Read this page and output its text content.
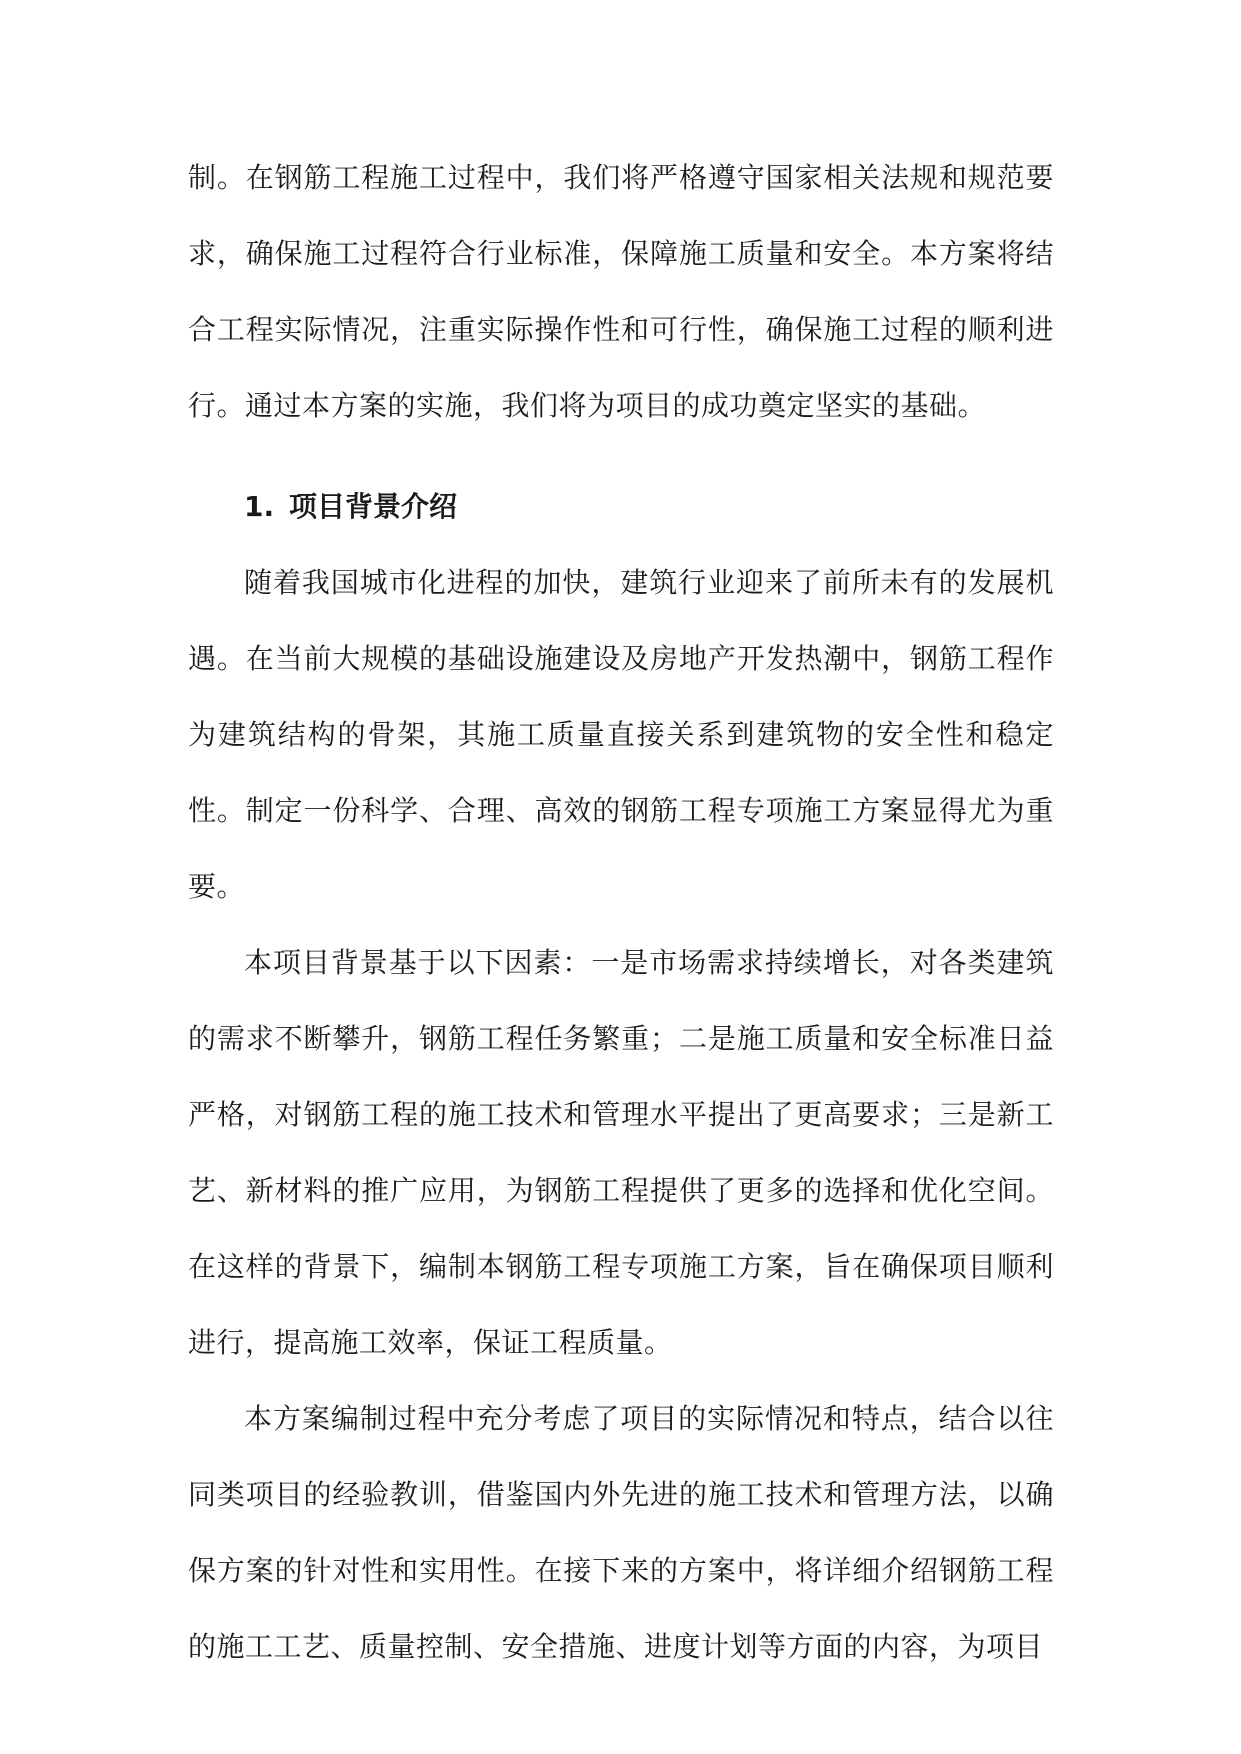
制。在钢筋工程施工过程中，我们将严格遵守国家相关法规和规范要求，确保施工过程符合行业标准，保障施工质量和安全。本方案将结合工程实际情况，注重实际操作性和可行性，确保施工过程的顺利进行。通过本方案的实施，我们将为项目的成功奠定坚实的基础。

1. 项目背景介绍

随着我国城市化进程的加快，建筑行业迎来了前所未有的发展机遇。在当前大规模的基础设施建设及房地产开发热潮中，钢筋工程作为建筑结构的骨架，其施工质量直接关系到建筑物的安全性和稳定性。制定一份科学、合理、高效的钢筋工程专项施工方案显得尤为重要。

本项目背景基于以下因素：一是市场需求持续增长，对各类建筑的需求不断攀升，钢筋工程任务繁重；二是施工质量和安全标准日益严格，对钢筋工程的施工技术和管理水平提出了更高要求；三是新工艺、新材料的推广应用，为钢筋工程提供了更多的选择和优化空间。在这样的背景下，编制本钢筋工程专项施工方案，旨在确保项目顺利进行，提高施工效率，保证工程质量。

本方案编制过程中充分考虑了项目的实际情况和特点，结合以往同类项目的经验教训，借鉴国内外先进的施工技术和管理方法，以确保方案的针对性和实用性。在接下来的方案中，将详细介绍钢筋工程的施工工艺、质量控制、安全措施、进度计划等方面的内容，为项目
